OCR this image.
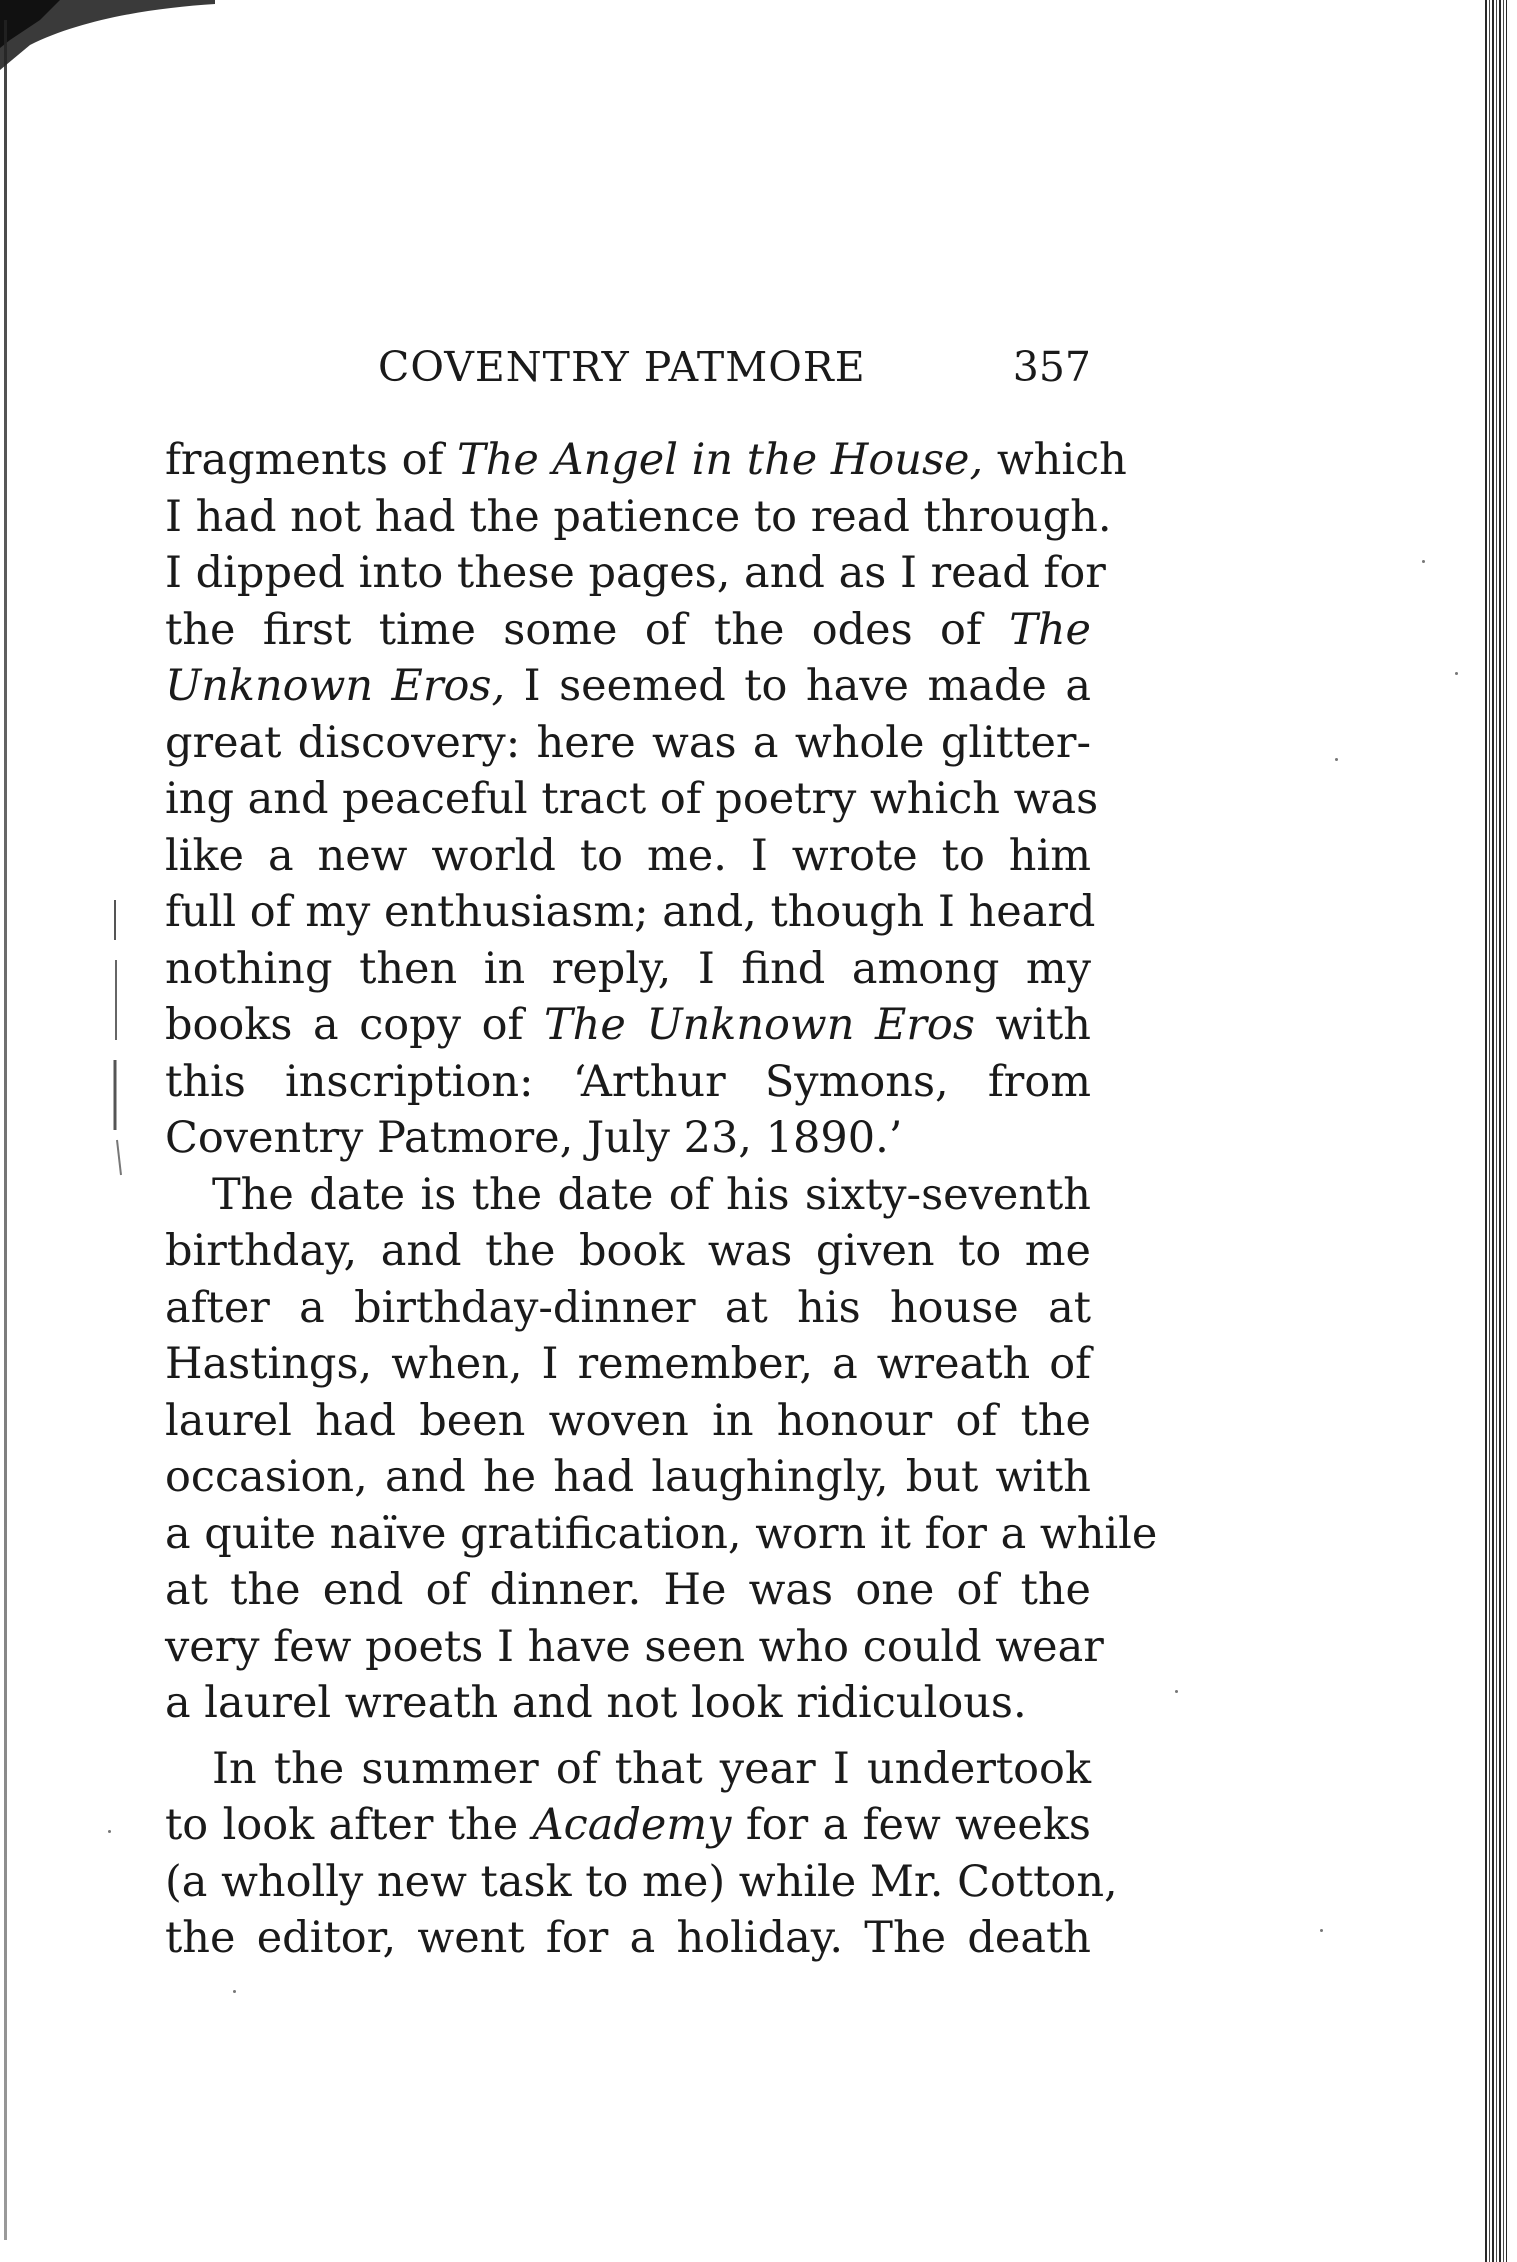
COVENTRY PATMORE	357
fragments of The Angel in the House, which
I had not had the patience to read through.
I dipped into these pages, and as I read for
the first time some of the odes of The
Unknown Eros, I seemed to have made a
great discovery: here was a whole glitter-
ing and peaceful tract of poetry which was
like a new world to me. I wrote to him
full of my enthusiasm; and, though I heard
nothing then in reply, I find among my
books a copy of The Unknown Eros with
this inscription: ‘Arthur Symons, from
Coventry Patmore, July 23, 1890.’
The date is the date of his sixty-seventh
birthday, and the book was given to me
after a birthday-dinner at his house at
Hastings, when, I remember, a wreath of
laurel had been woven in honour of the
occasion, and he had laughingly, but with
a quite naïve gratification, worn it for a while
at the end of dinner. He was one of the
very few poets I have seen who could wear
a laurel wreath and not look ridiculous.
In the summer of that year I undertook
to look after the Academy for a few weeks
(a wholly new task to me) while Mr. Cotton,
the editor, went for a holiday. The death
